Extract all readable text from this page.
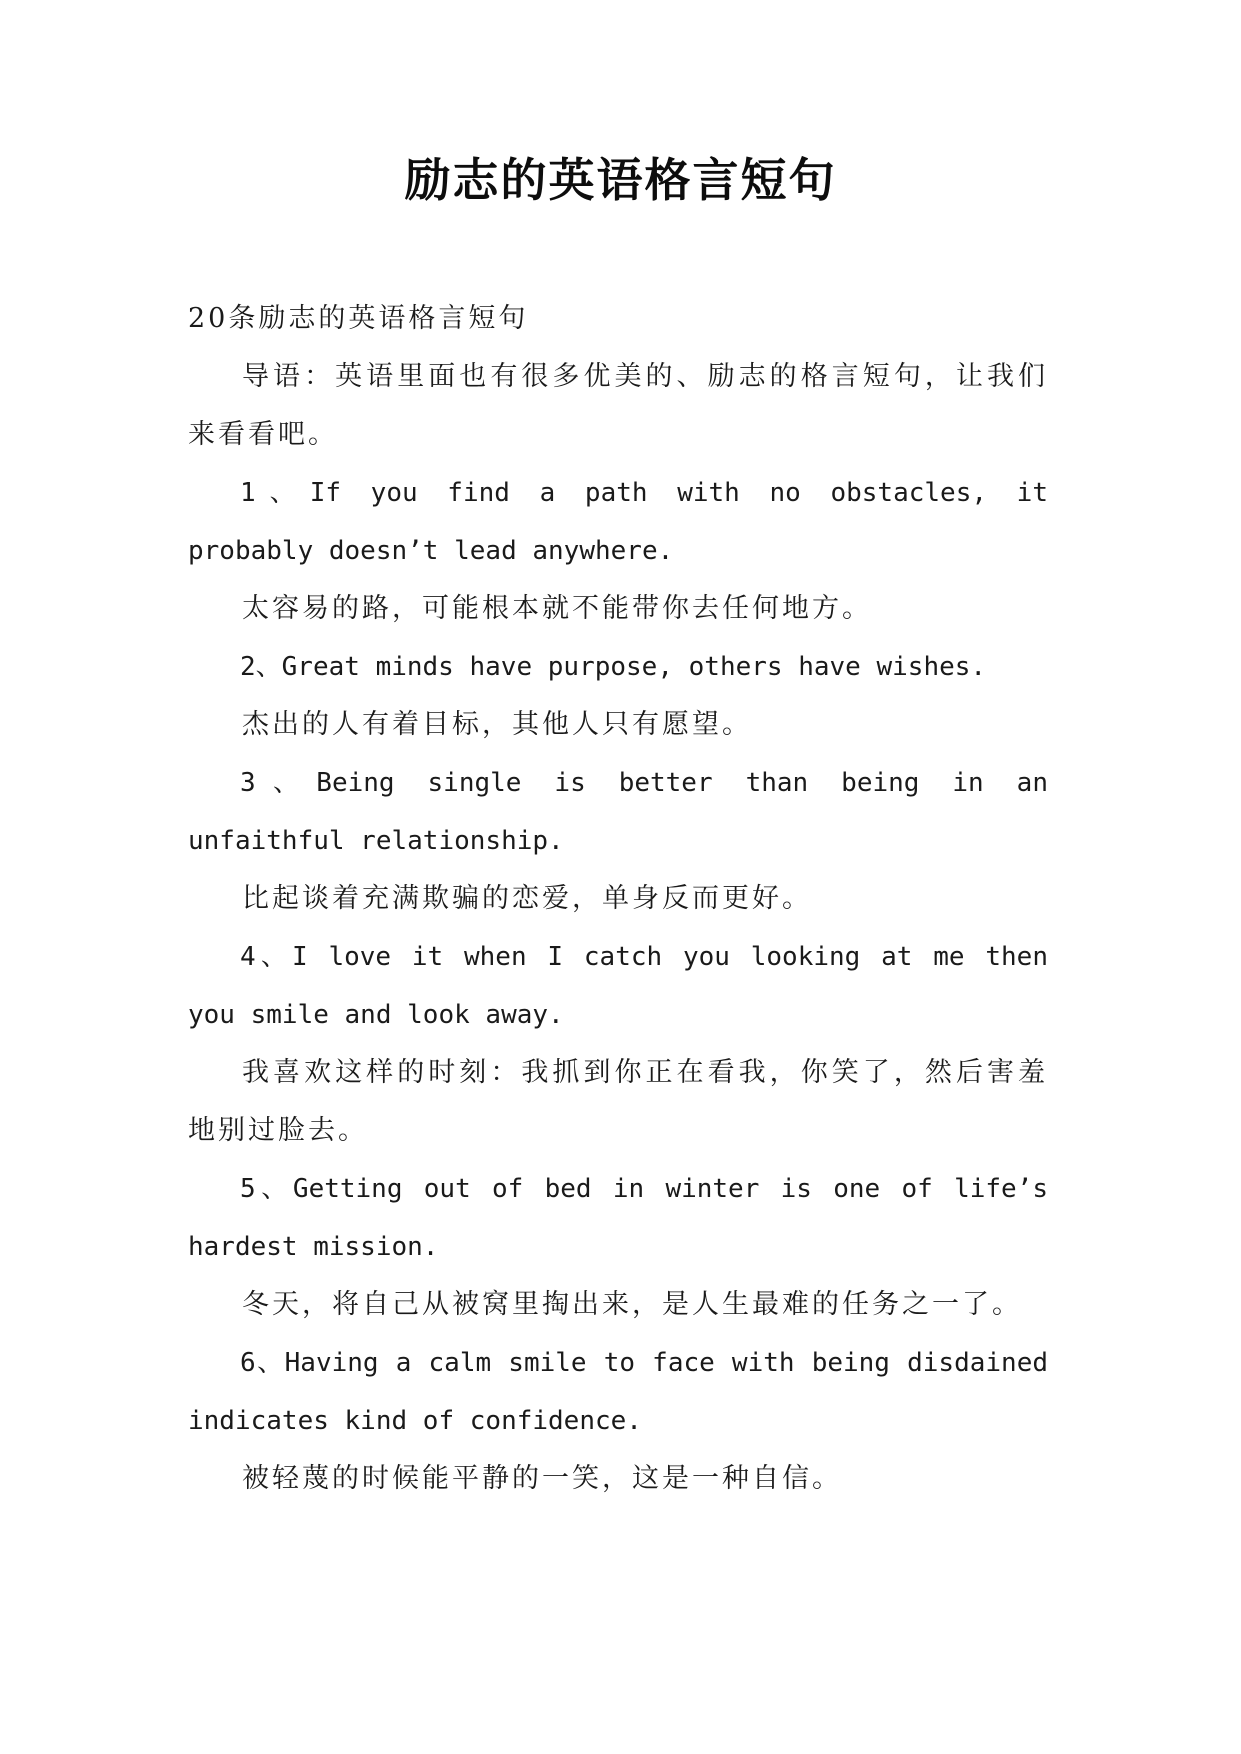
励志的英语格言短句

20条励志的英语格言短句

导语：英语里面也有很多优美的、励志的格言短句，让我们来看看吧。

1、If you find a path with no obstacles, it probably doesn’t lead anywhere.

太容易的路，可能根本就不能带你去任何地方。

2、Great minds have purpose, others have wishes.

杰出的人有着目标，其他人只有愿望。

3、Being single is better than being in an unfaithful relationship.

比起谈着充满欺骗的恋爱，单身反而更好。

4、I love it when I catch you looking at me then you smile and look away.

我喜欢这样的时刻：我抓到你正在看我，你笑了，然后害羞地别过脸去。

5、Getting out of bed in winter is one of life’s hardest mission.

冬天，将自己从被窝里掏出来，是人生最难的任务之一了。

6、Having a calm smile to face with being disdained indicates kind of confidence.

被轻蔑的时候能平静的一笑，这是一种自信。
